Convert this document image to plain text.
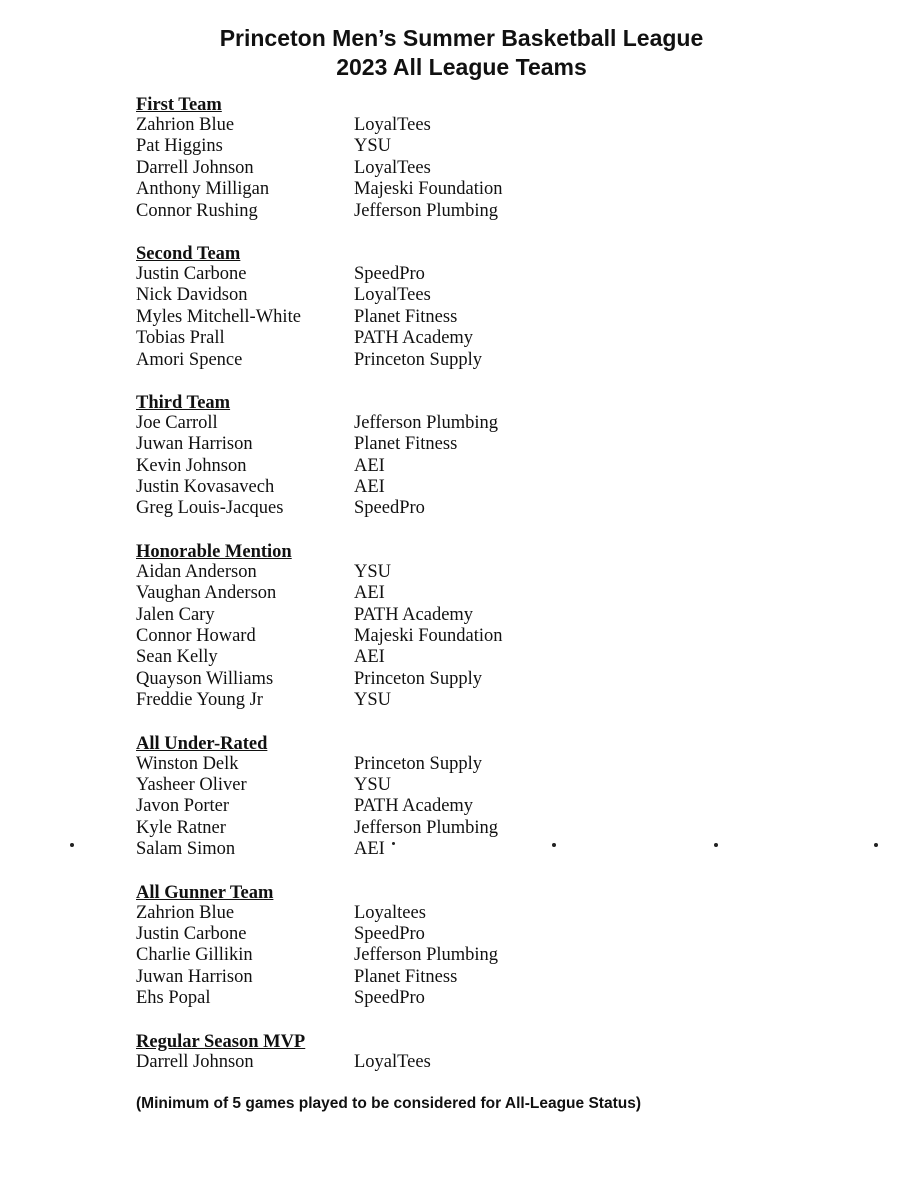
Princeton Men’s Summer Basketball League
2023 All League Teams
First Team
Zahrion Blue	LoyalTees
Pat Higgins	YSU
Darrell Johnson	LoyalTees
Anthony Milligan	Majeski Foundation
Connor Rushing	Jefferson Plumbing
Second Team
Justin Carbone	SpeedPro
Nick Davidson	LoyalTees
Myles Mitchell-White	Planet Fitness
Tobias Prall	PATH Academy
Amori Spence	Princeton Supply
Third Team
Joe Carroll	Jefferson Plumbing
Juwan Harrison	Planet Fitness
Kevin Johnson	AEI
Justin Kovasavech	AEI
Greg Louis-Jacques	SpeedPro
Honorable Mention
Aidan Anderson	YSU
Vaughan Anderson	AEI
Jalen Cary	PATH Academy
Connor Howard	Majeski Foundation
Sean Kelly	AEI
Quayson Williams	Princeton Supply
Freddie Young Jr	YSU
All Under-Rated
Winston Delk	Princeton Supply
Yasheer Oliver	YSU
Javon Porter	PATH Academy
Kyle Ratner	Jefferson Plumbing
Salam Simon	AEI
All Gunner Team
Zahrion Blue	Loyaltees
Justin Carbone	SpeedPro
Charlie Gillikin	Jefferson Plumbing
Juwan Harrison	Planet Fitness
Ehs Popal	SpeedPro
Regular Season MVP
Darrell Johnson	LoyalTees
(Minimum of 5 games played to be considered for All-League Status)
